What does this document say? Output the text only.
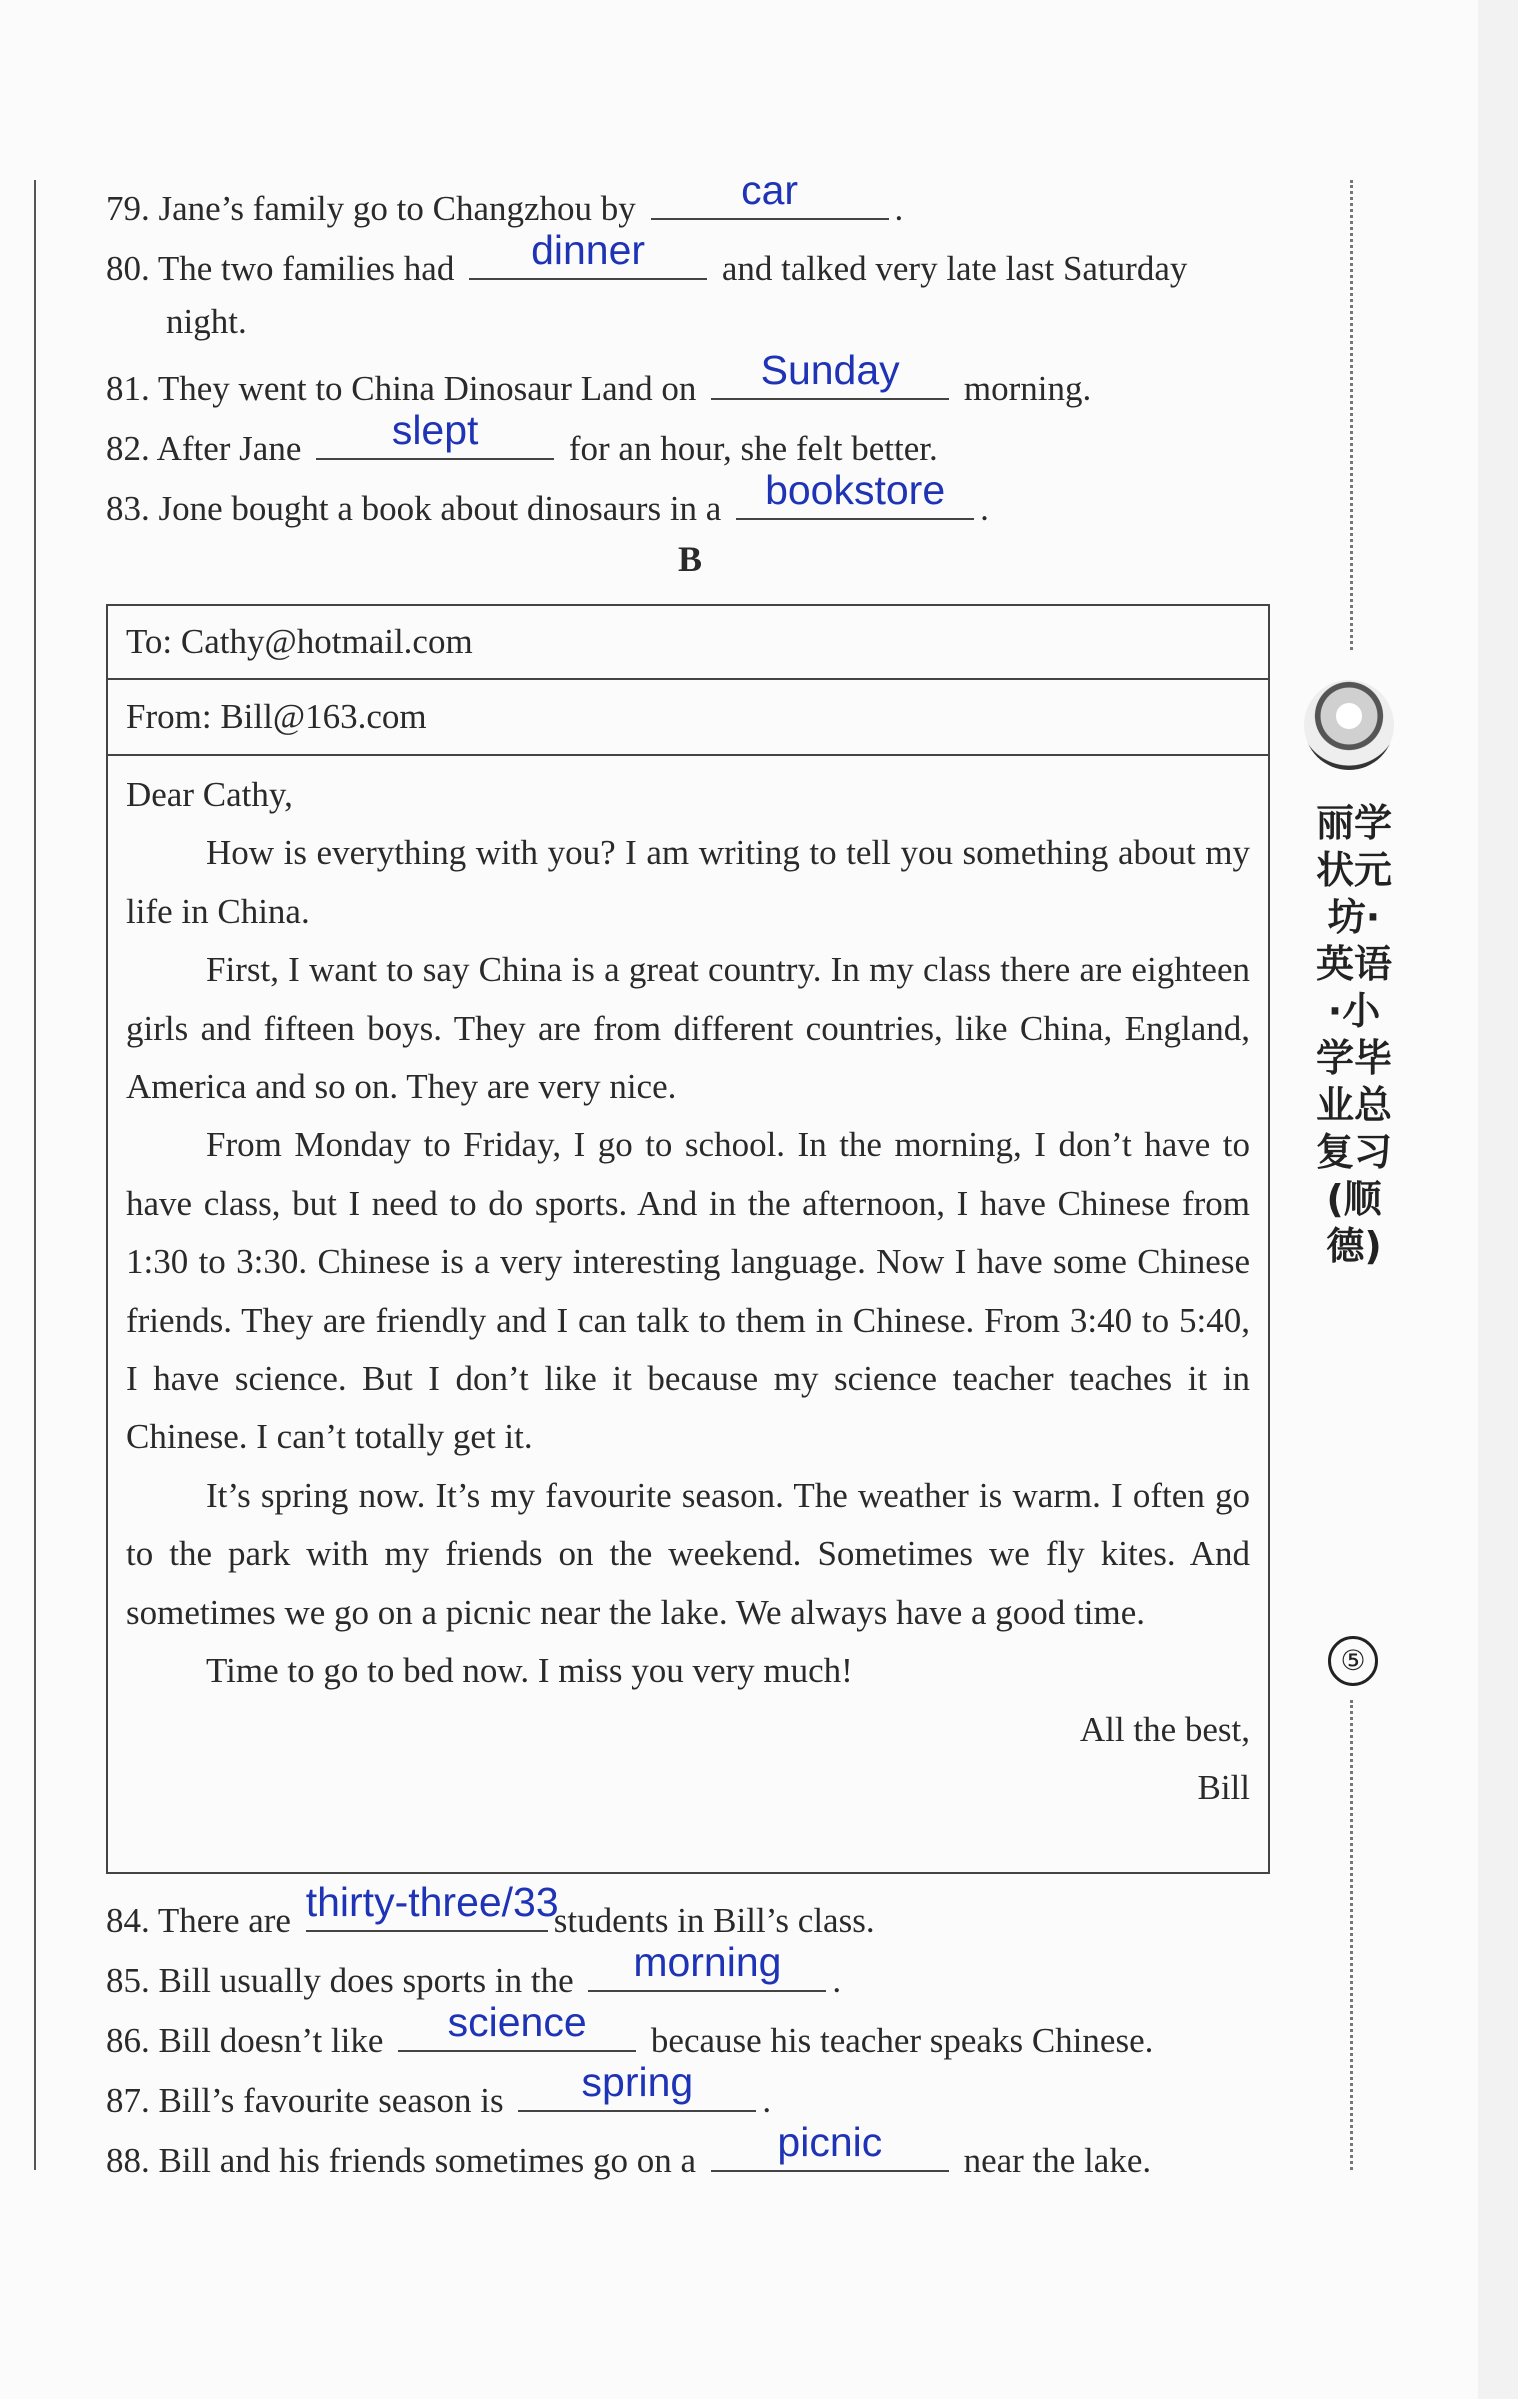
79. Jane’s family go to Changzhou by	car	.
80. The two families had	dinner	and talked very late last Saturday
night.
81. They went to China Dinosaur Land on	Sunday	morning.
82. After Jane	slept	for an hour, she felt better.
83. Jone bought a book about dinosaurs in a	bookstore .
B
To: Cathy@hotmail.com
From: Bill@163.com

Dear Cathy,

How is everything with you? I am writing to tell you something about my life in China.

First, I want to say China is a great country. In my class there are eighteen girls and fifteen boys. They are from different countries, like China, England, America and so on. They are very nice.

From Monday to Friday, I go to school. In the morning, I don’t have to have class, but I need to do sports. And in the afternoon, I have Chinese from 1:30 to 3:30. Chinese is a very interesting language. Now I have some Chinese friends. They are friendly and I can talk to them in Chinese. From 3:40 to 5:40, I have science. But I don’t like it because my science teacher teaches it in Chinese. I can’t totally get it.

It’s spring now. It’s my favourite season. The weather is warm. I often go to the park with my friends on the weekend. Sometimes we fly kites. And sometimes we go on a picnic near the lake. We always have a good time.

Time to go to bed now. I miss you very much!

All the best,

Bill

84. There are thirty-three/33
students in Bill’s class.
85. Bill usually does sports in the	morning	.
86. Bill doesn’t like	science	because his teacher speaks Chinese.
87. Bill’s favourite season is	spring	.
88. Bill and his friends sometimes go on a	picnic	near the lake.
丽学状元坊·英语·小学毕业总复习(顺德)
⑤
